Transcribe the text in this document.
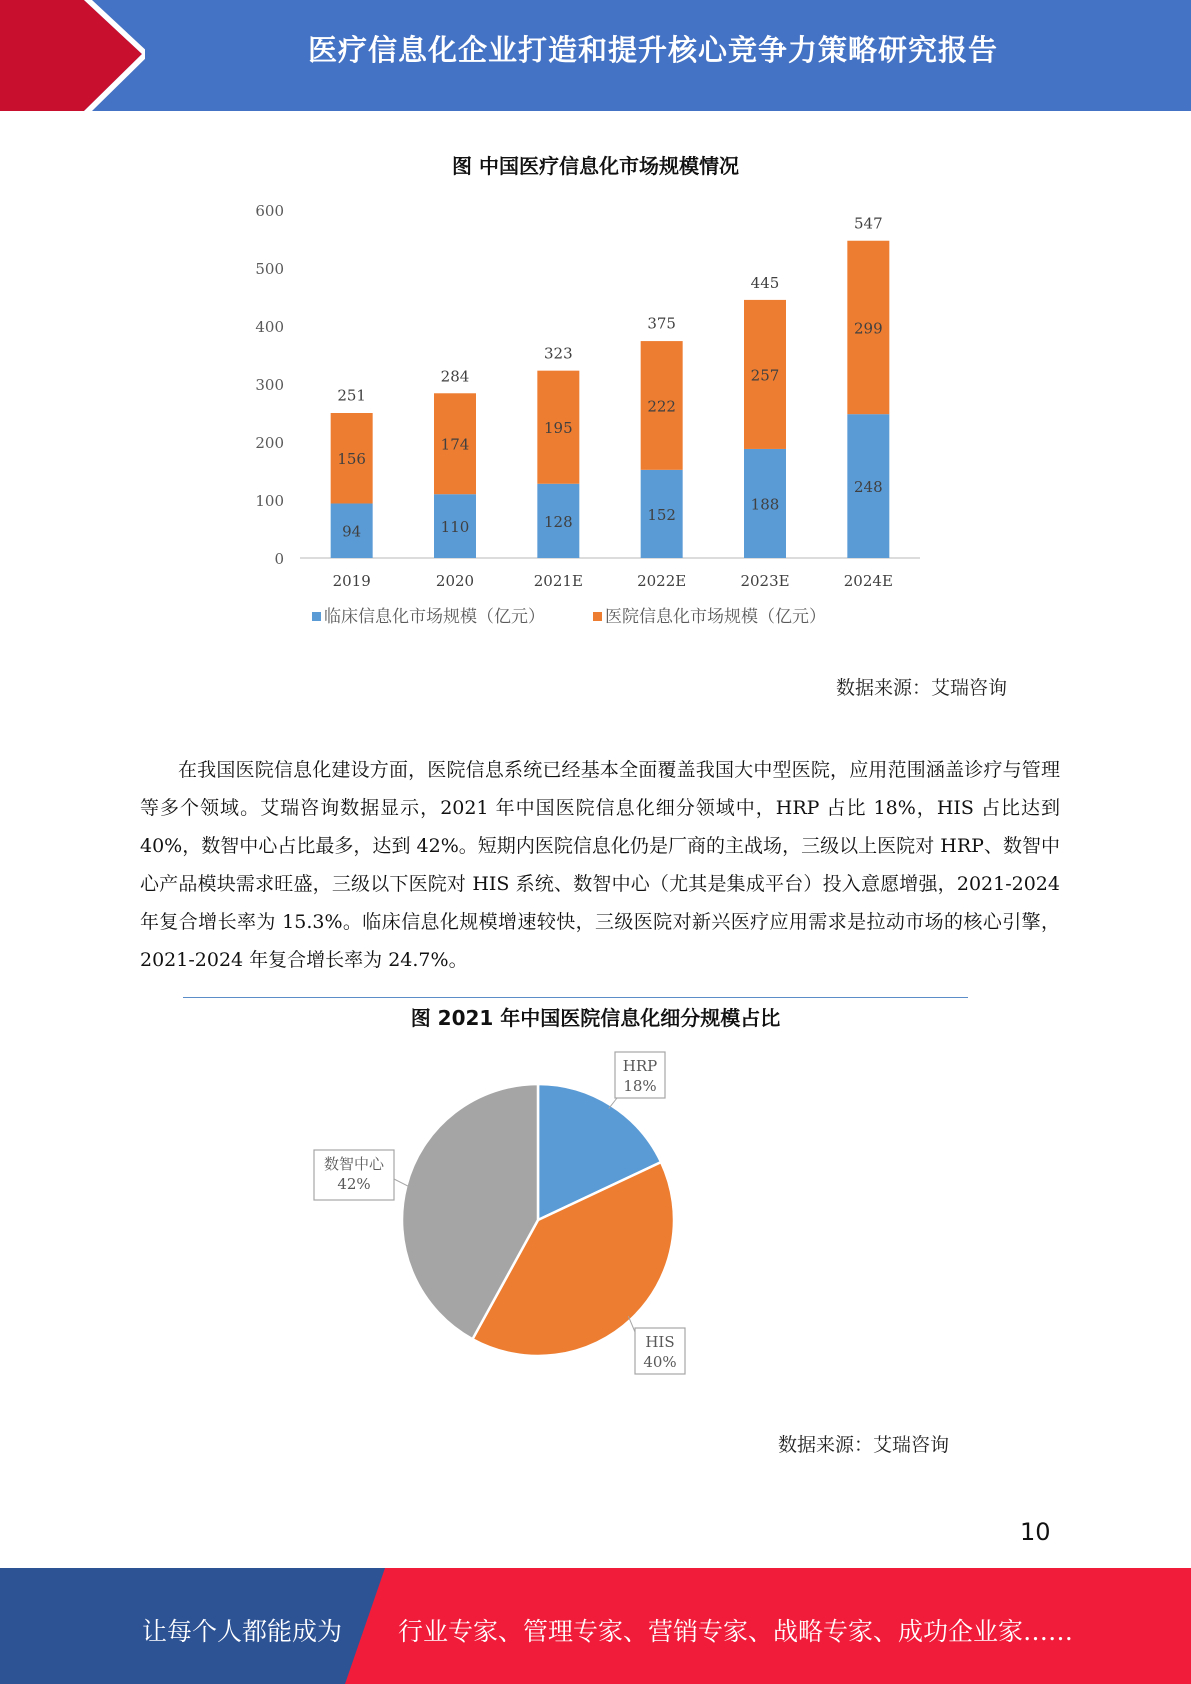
医疗信息化企业打造和提升核心竞争力策略研究报告
图 中国医疗信息化市场规模情况
0
100
200
300
400
500
600
94
156
251
2019
110
174
284
2020
128
195
323
2021E
152
222
375
2022E
188
257
445
2023E
248
299
547
2024E
临床信息化市场规模（亿元）	医院信息化市场规模（亿元）
数据来源：艾瑞咨询

在我国医院信息化建设方面，医院信息系统已经基本全面覆盖我国大中型医院，应用范围涵盖诊疗与管理等多个领域。艾瑞咨询数据显示，2021 年中国医院信息化细分领域中，HRP 占比 18%，HIS 占比达到 40%，数智中心占比最多，达到 42%。短期内医院信息化仍是厂商的主战场，三级以上医院对 HRP、数智中心产品模块需求旺盛，三级以下医院对 HIS 系统、数智中心（尤其是集成平台）投入意愿增强，2021-2024 年复合增长率为 15.3%。临床信息化规模增速较快，三级医院对新兴医疗应用需求是拉动市场的核心引擎，2021-2024 年复合增长率为 24.7%。

图 2021 年中国医院信息化细分规模占比
HRP
18%
HIS
40%
数智中心
42%
数据来源：艾瑞咨询
10
让每个人都能成为 行业专家、管理专家、营销专家、战略专家、成功企业家……
